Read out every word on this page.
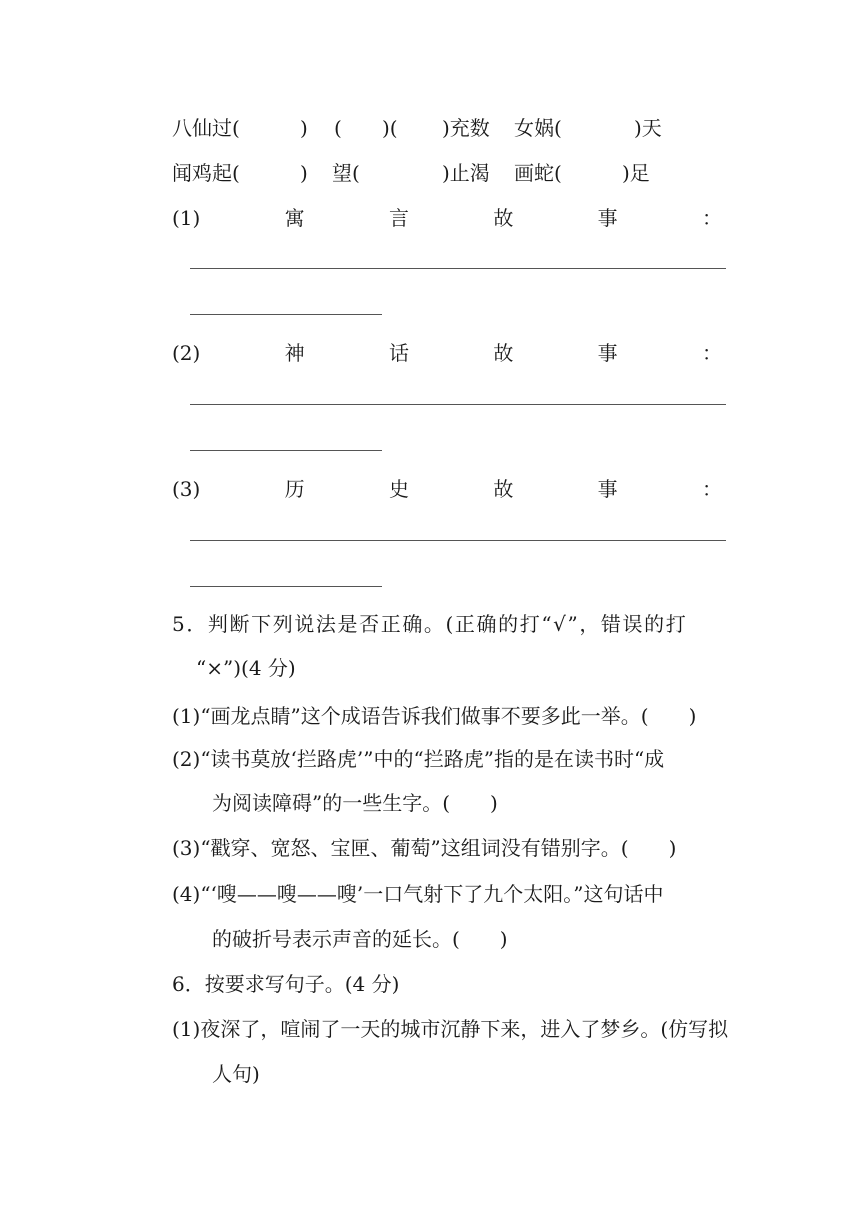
八仙过(	) ( )( )充数 女娲(	)天
闻鸡起(	) 望(	)止渴 画蛇(	)足
(1)	寓	言	故	事	：
(2)	神	话	故	事	：
(3)	历	史	故	事	：
5．判断下列说法是否正确。(正确的打“√”，错误的打
“×”)(4 分)
(1)“画龙点睛”这个成语告诉我们做事不要多此一举。(　　)
(2)“读书莫放‘拦路虎’”中的“拦路虎”指的是在读书时“成
为阅读障碍”的一些生字。(　　)
(3)“戳穿、宽怒、宝匣、葡萄”这组词没有错别字。(　　)
(4)“‘嗖——嗖——嗖’一口气射下了九个太阳。”这句话中
的破折号表示声音的延长。(　　)
6．按要求写句子。(4 分)
(1)夜深了，喧闹了一天的城市沉静下来，进入了梦乡。(仿写拟
人句)
